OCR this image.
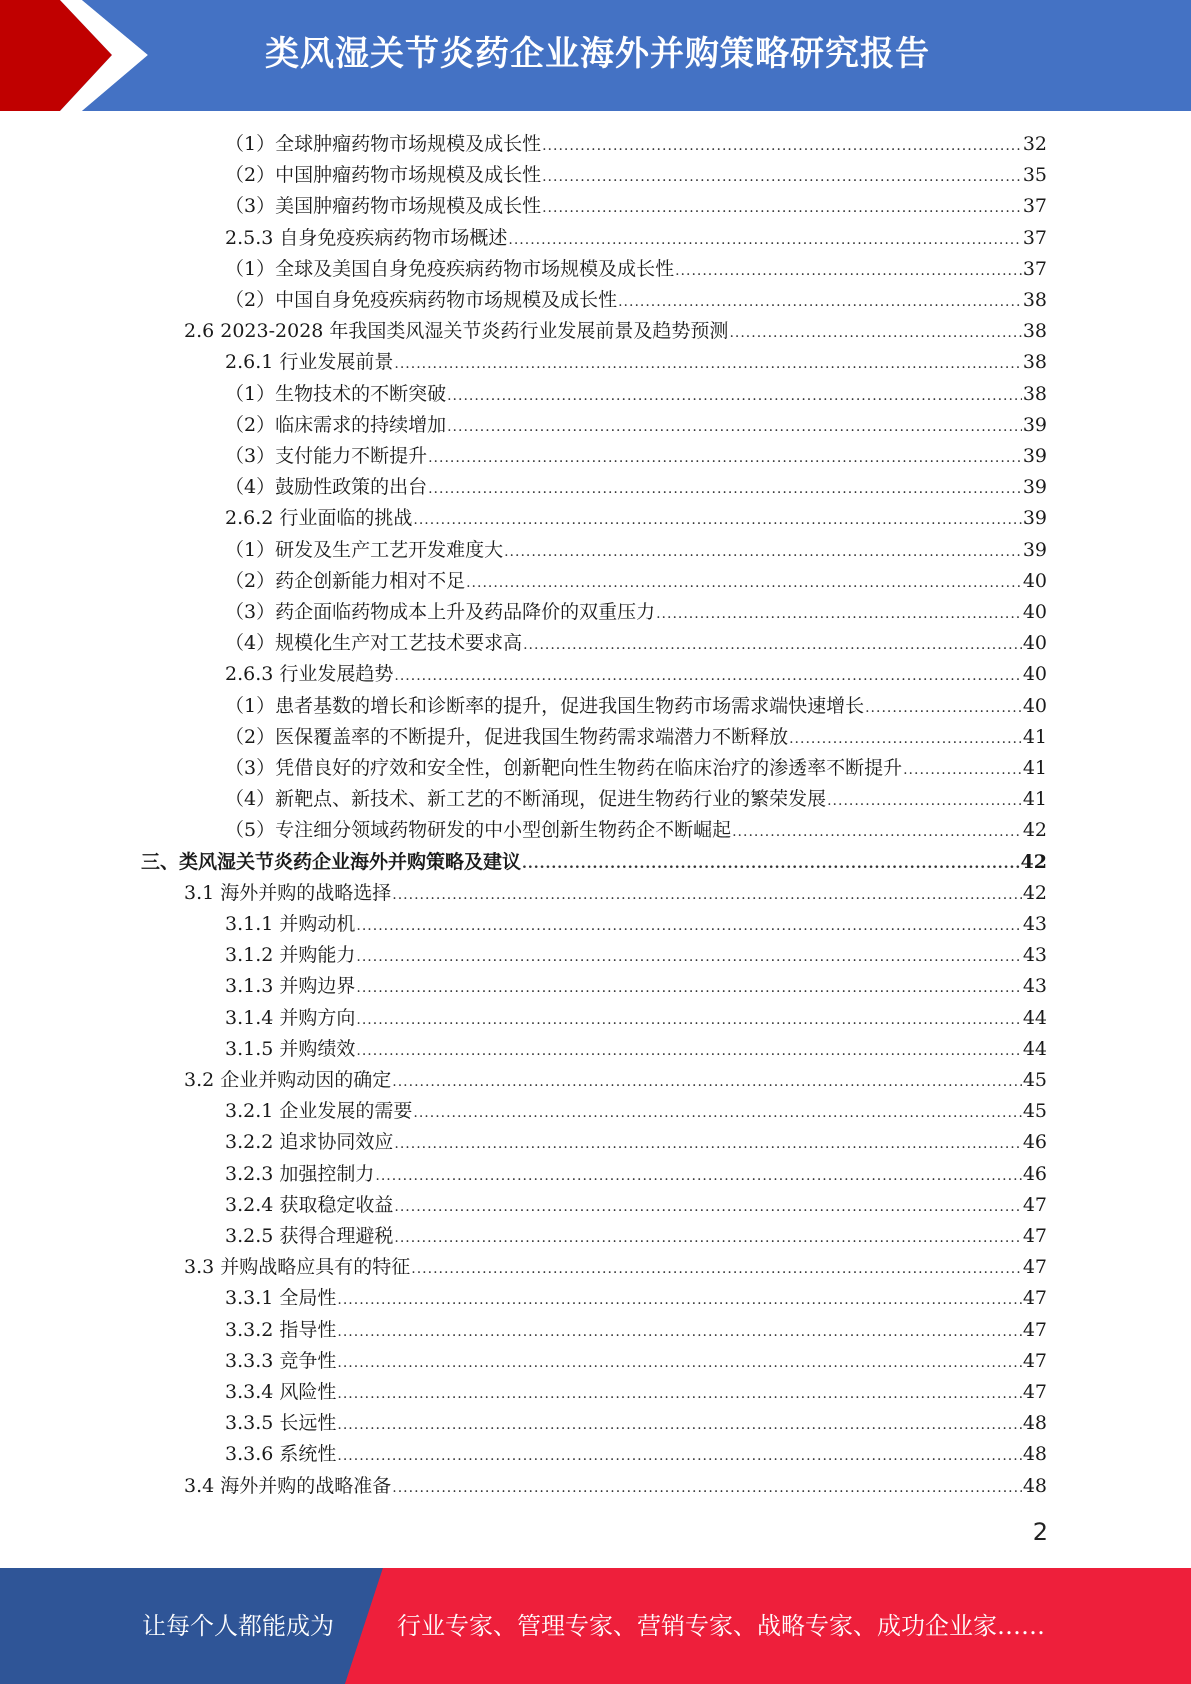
类风湿关节炎药企业海外并购策略研究报告
（1）全球肿瘤药物市场规模及成长性 .....	32
（2）中国肿瘤药物市场规模及成长性 .....	35
（3）美国肿瘤药物市场规模及成长性 .....	37
2.5.3 自身免疫疾病药物市场概述 .....	37
（1）全球及美国自身免疫疾病药物市场规模及成长性 .....	37
（2）中国自身免疫疾病药物市场规模及成长性 .....	38
2.6 2023-2028 年我国类风湿关节炎药行业发展前景及趋势预测 .....	38
2.6.1 行业发展前景 .....	38
（1）生物技术的不断突破 .....	38
（2）临床需求的持续增加 .....	39
（3）支付能力不断提升 .....	39
（4）鼓励性政策的出台 .....	39
2.6.2 行业面临的挑战 .....	39
（1）研发及生产工艺开发难度大 .....	39
（2）药企创新能力相对不足 .....	40
（3）药企面临药物成本上升及药品降价的双重压力 .....	40
（4）规模化生产对工艺技术要求高 .....	40
2.6.3 行业发展趋势 .....	40
（1）患者基数的增长和诊断率的提升，促进我国生物药市场需求端快速增长 .....	40
（2）医保覆盖率的不断提升，促进我国生物药需求端潜力不断释放 .....	41
（3）凭借良好的疗效和安全性，创新靶向性生物药在临床治疗的渗透率不断提升 .....	41
（4）新靶点、新技术、新工艺的不断涌现，促进生物药行业的繁荣发展 .....	41
（5）专注细分领域药物研发的中小型创新生物药企不断崛起 .....	42
三、类风湿关节炎药企业海外并购策略及建议 .....	42
3.1 海外并购的战略选择 .....	42
3.1.1 并购动机 .....	43
3.1.2 并购能力 .....	43
3.1.3 并购边界 .....	43
3.1.4 并购方向 .....	44
3.1.5 并购绩效 .....	44
3.2 企业并购动因的确定 .....	45
3.2.1 企业发展的需要 .....	45
3.2.2 追求协同效应 .....	46
3.2.3 加强控制力 .....	46
3.2.4 获取稳定收益 .....	47
3.2.5 获得合理避税 .....	47
3.3 并购战略应具有的特征 .....	47
3.3.1 全局性 .....	47
3.3.2 指导性 .....	47
3.3.3 竞争性 .....	47
3.3.4 风险性 .....	47
3.3.5 长远性 .....	48
3.3.6 系统性 .....	48
3.4 海外并购的战略准备 .....	48
2
让每个人都能成为	行业专家、管理专家、营销专家、战略专家、成功企业家……
